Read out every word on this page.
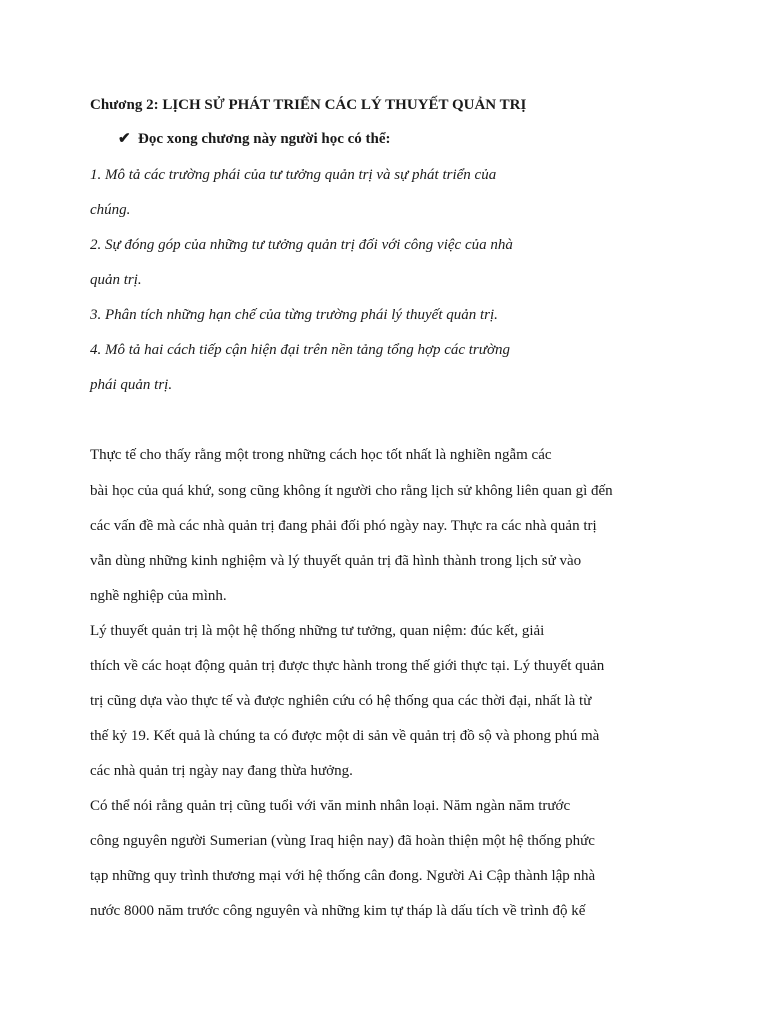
Chương 2: LỊCH SỬ PHÁT TRIỂN CÁC LÝ THUYẾT QUẢN TRỊ
✔ Đọc xong chương này người học có thể:
1. Mô tả các trường phái của tư tưởng quản trị và sự phát triển của
chúng.
2. Sự đóng góp của những tư tưởng quản trị đối với công việc của nhà
quản trị.
3. Phân tích những hạn chế của từng trường phái lý thuyết quản trị.
4. Mô tả hai cách tiếp cận hiện đại trên nền tảng tổng hợp các trường
phái quản trị.
Thực tế cho thấy rằng một trong những cách học tốt nhất là nghiền ngẫm các
bài học của quá khứ, song cũng không ít người cho rằng lịch sử không liên quan gì đến
các vấn đề mà các nhà quản trị đang phải đối phó ngày nay. Thực ra các nhà quản trị
vẫn dùng những kinh nghiệm và lý thuyết quản trị đã hình thành trong lịch sử vào
nghề nghiệp của mình.
Lý thuyết quản trị là một hệ thống những tư tưởng, quan niệm: đúc kết, giải
thích về các hoạt động quản trị được thực hành trong thế giới thực tại. Lý thuyết quản
trị cũng dựa vào thực tế và được nghiên cứu có hệ thống qua các thời đại, nhất là từ
thế kỷ 19. Kết quả là chúng ta có được một di sản về quản trị đồ sộ và phong phú mà
các nhà quản trị ngày nay đang thừa hưởng.
Có thể nói rằng quản trị cũng tuổi với văn minh nhân loại. Năm ngàn năm trước
công nguyên người Sumerian (vùng Iraq hiện nay) đã hoàn thiện một hệ thống phức
tạp những quy trình thương mại với hệ thống cân đong. Người Ai Cập thành lập nhà
nước 8000 năm trước công nguyên và những kim tự tháp là dấu tích về trình độ kế
